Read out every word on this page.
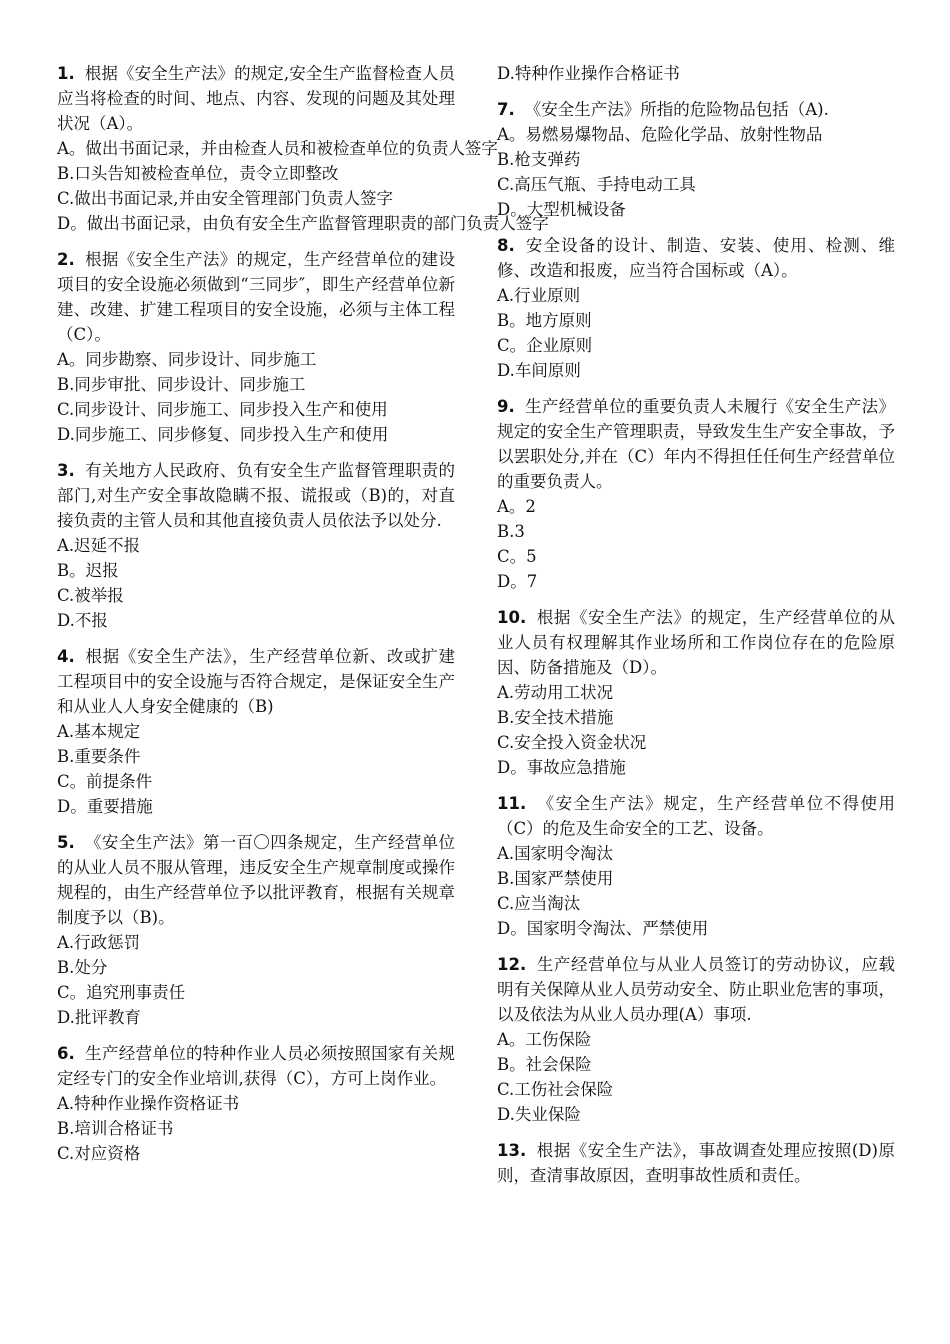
1. 根据《安全生产法》的规定,安全生产监督检查人员应当将检查的时间、地点、内容、发现的问题及其处理状况（A）。

A。做出书面记录，并由检查人员和被检查单位的负责人签字
B.口头告知被检查单位，责令立即整改
C.做出书面记录,并由安全管理部门负责人签字
D。做出书面记录，由负有安全生产监督管理职责的部门负责人签字

2. 根据《安全生产法》的规定，生产经营单位的建设项目的安全设施必须做到“三同步″，即生产经营单位新建、改建、扩建工程项目的安全设施，必须与主体工程（C）。

A。同步勘察、同步设计、同步施工
B.同步审批、同步设计、同步施工
C.同步设计、同步施工、同步投入生产和使用
D.同步施工、同步修复、同步投入生产和使用

3. 有关地方人民政府、负有安全生产监督管理职责的部门,对生产安全事故隐瞒不报、谎报或（B)的，对直接负责的主管人员和其他直接负责人员依法予以处分.

A.迟延不报
B。迟报
C.被举报
D.不报

4. 根据《安全生产法》，生产经营单位新、改或扩建工程项目中的安全设施与否符合规定，是保证安全生产和从业人人身安全健康的（B)

A.基本规定
B.重要条件
C。前提条件
D。重要措施

5. 《安全生产法》第一百〇四条规定，生产经营单位的从业人员不服从管理，违反安全生产规章制度或操作规程的，由生产经营单位予以批评教育，根据有关规章制度予以（B)。

A.行政惩罚
B.处分
C。追究刑事责任
D.批评教育

6. 生产经营单位的特种作业人员必须按照国家有关规定经专门的安全作业培训,获得（C），方可上岗作业。

A.特种作业操作资格证书
B.培训合格证书
C.对应资格
D.特种作业操作合格证书

7. 《安全生产法》所指的危险物品包括（A).

A。易燃易爆物品、危险化学品、放射性物品
B.枪支弹药
C.高压气瓶、手持电动工具
D。大型机械设备

8. 安全设备的设计、制造、安装、使用、检测、维修、改造和报废，应当符合国标或（A）。

A.行业原则
B。地方原则
C。企业原则
D.车间原则

9. 生产经营单位的重要负责人未履行《安全生产法》规定的安全生产管理职责，导致发生生产安全事故，予以罢职处分,并在（C）年内不得担任任何生产经营单位的重要负责人。

A。2
B.3
C。5
D。7

10. 根据《安全生产法》的规定，生产经营单位的从业人员有权理解其作业场所和工作岗位存在的危险原因、防备措施及（D）。

A.劳动用工状况
B.安全技术措施
C.安全投入资金状况
D。事故应急措施

11. 《安全生产法》规定，生产经营单位不得使用（C）的危及生命安全的工艺、设备。

A.国家明令淘汰
B.国家严禁使用
C.应当淘汰
D。国家明令淘汰、严禁使用

12. 生产经营单位与从业人员签订的劳动协议，应载明有关保障从业人员劳动安全、防止职业危害的事项，以及依法为从业人员办理(A）事项.

A。工伤保险
B。社会保险
C.工伤社会保险
D.失业保险

13. 根据《安全生产法》，事故调查处理应按照(D)原则，查清事故原因，查明事故性质和责任。
